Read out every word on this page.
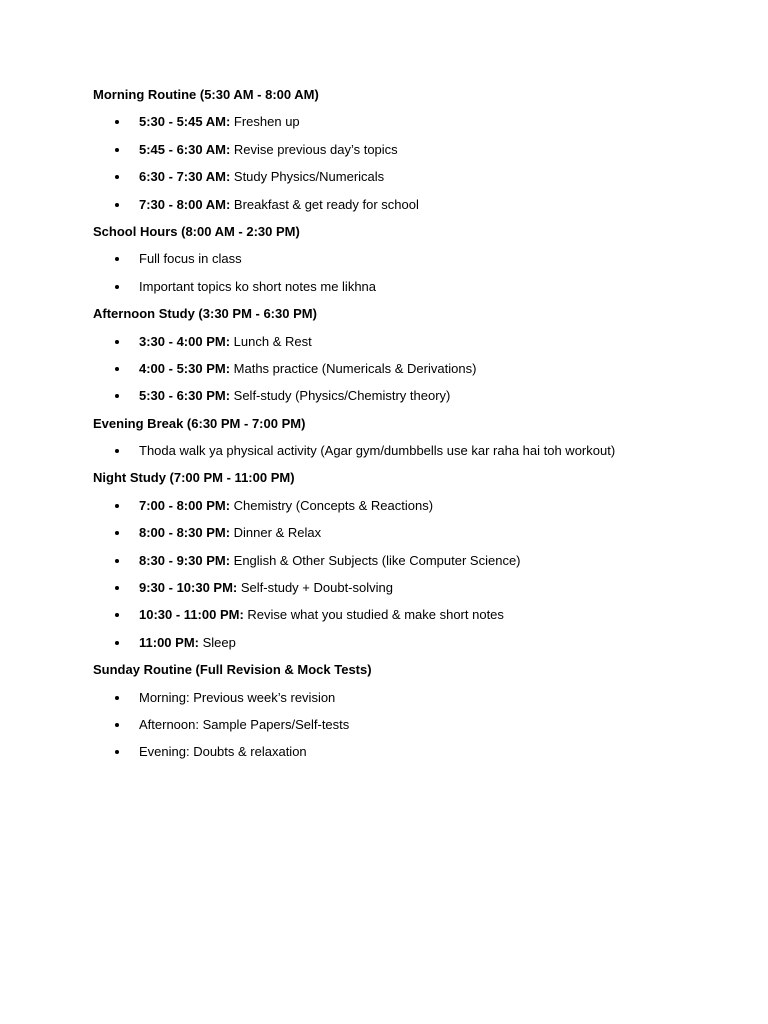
Morning Routine (5:30 AM - 8:00 AM)
5:30 - 5:45 AM: Freshen up
5:45 - 6:30 AM: Revise previous day’s topics
6:30 - 7:30 AM: Study Physics/Numericals
7:30 - 8:00 AM: Breakfast & get ready for school
School Hours (8:00 AM - 2:30 PM)
Full focus in class
Important topics ko short notes me likhna
Afternoon Study (3:30 PM - 6:30 PM)
3:30 - 4:00 PM: Lunch & Rest
4:00 - 5:30 PM: Maths practice (Numericals & Derivations)
5:30 - 6:30 PM: Self-study (Physics/Chemistry theory)
Evening Break (6:30 PM - 7:00 PM)
Thoda walk ya physical activity (Agar gym/dumbbells use kar raha hai toh workout)
Night Study (7:00 PM - 11:00 PM)
7:00 - 8:00 PM: Chemistry (Concepts & Reactions)
8:00 - 8:30 PM: Dinner & Relax
8:30 - 9:30 PM: English & Other Subjects (like Computer Science)
9:30 - 10:30 PM: Self-study + Doubt-solving
10:30 - 11:00 PM: Revise what you studied & make short notes
11:00 PM: Sleep
Sunday Routine (Full Revision & Mock Tests)
Morning: Previous week’s revision
Afternoon: Sample Papers/Self-tests
Evening: Doubts & relaxation
